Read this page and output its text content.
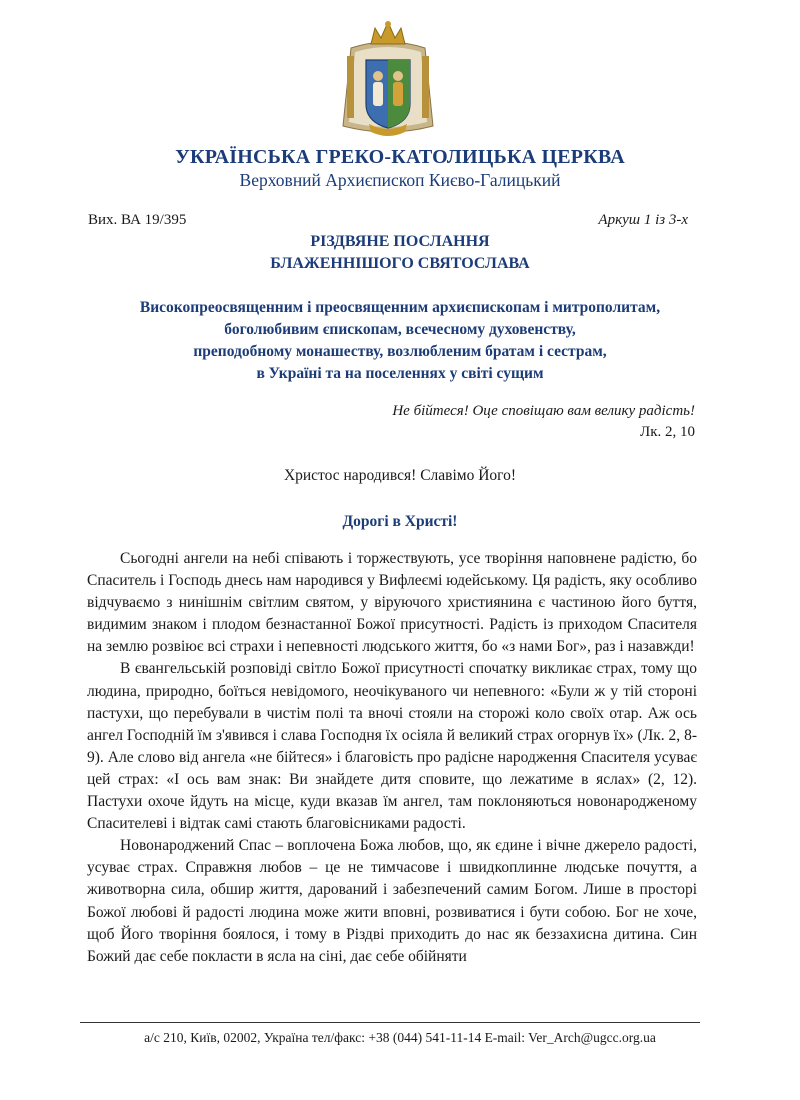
УКРАЇНСЬКА ГРЕКО-КАТОЛИЦЬКА ЦЕРКВА
Верховний Архиєпископ Києво-Галицький
Вих. ВА 19/395	Аркуш 1 із 3-х
РІЗДВЯНЕ ПОСЛАННЯ
БЛАЖЕННІШОГО СВЯТОСЛАВА
Високопреосвященним і преосвященним архиєпископам і митрополитам,
боголюбивим єпископам, всечесному духовенству,
преподобному монашеству, возлюбленим братам і сестрам,
в Україні та на поселеннях у світі сущим
Не бійтеся! Оце сповіщаю вам велику радість!
Лк. 2, 10
Христос народився! Славімо Його!
Дорогі в Христі!

Сьогодні ангели на небі співають і торжествують, усе творіння наповнене радістю, бо Спаситель і Господь днесь нам народився у Вифлеємі юдейському. Ця радість, яку особливо відчуваємо з нинішнім світлим святом, у віруючого християнина є частиною його буття, видимим знаком і плодом безнастанної Божої присутності. Радість із приходом Спасителя на землю розвіює всі страхи і непевності людського життя, бо «з нами Бог», раз і назавжди!

В євангельській розповіді світло Божої присутності спочатку викликає страх, тому що людина, природно, боїться невідомого, неочікуваного чи непевного: «Були ж у тій стороні пастухи, що перебували в чистім полі та вночі стояли на сторожі коло своїх отар. Аж ось ангел Господній їм з'явився і слава Господня їх осіяла й великий страх огорнув їх» (Лк. 2, 8-9). Але слово від ангела «не бійтеся» і благовість про радісне народження Спасителя усуває цей страх: «І ось вам знак: Ви знайдете дитя сповите, що лежатиме в яслах» (2, 12). Пастухи охоче йдуть на місце, куди вказав їм ангел, там поклоняються новонародженому Спасителеві і відтак самі стають благовісниками радості.

Новонароджений Спас – воплочена Божа любов, що, як єдине і вічне джерело радості, усуває страх. Справжня любов – це не тимчасове і швидкоплинне людське почуття, а животворна сила, обшир життя, дарований і забезпечений самим Богом. Лише в просторі Божої любові й радості людина може жити вповні, розвиватися і бути собою. Бог не хоче, щоб Його творіння боялося, і тому в Різдві приходить до нас як беззахисна дитина. Син Божий дає себе покласти в ясла на сіні, дає себе обійняти

а/с 210, Київ, 02002, Україна тел/факс: +38 (044) 541-11-14 E-mail: Ver_Arch@ugcc.org.ua
